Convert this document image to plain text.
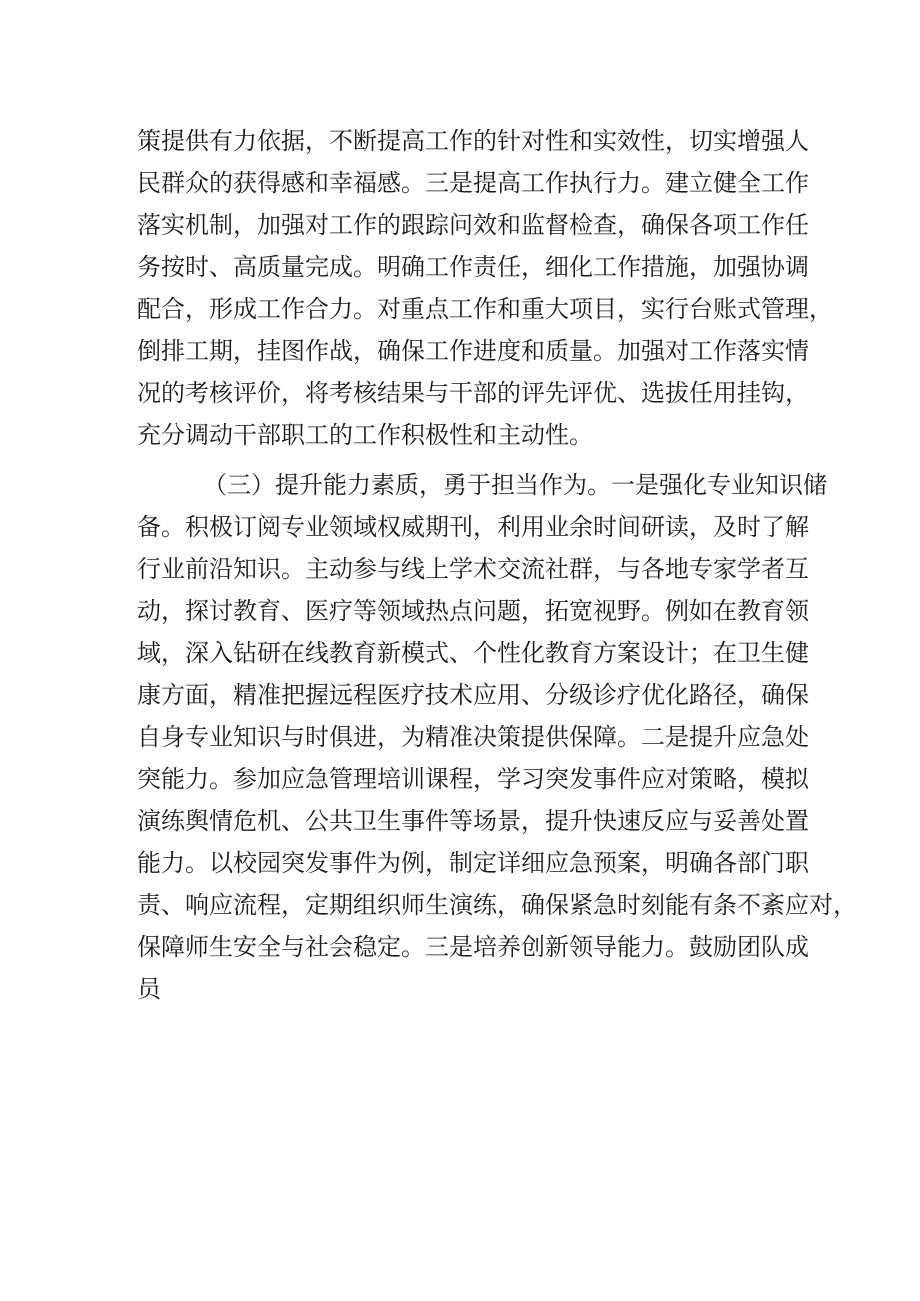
策提供有力依据，不断提高工作的针对性和实效性，切实增强人
民群众的获得感和幸福感。三是提高工作执行力。建立健全工作
落实机制，加强对工作的跟踪问效和监督检查，确保各项工作任
务按时、高质量完成。明确工作责任，细化工作措施，加强协调
配合，形成工作合力。对重点工作和重大项目，实行台账式管理，
倒排工期，挂图作战，确保工作进度和质量。加强对工作落实情
况的考核评价，将考核结果与干部的评先评优、选拔任用挂钩，
充分调动干部职工的工作积极性和主动性。
（三）提升能力素质，勇于担当作为。一是强化专业知识储
备。积极订阅专业领域权威期刊，利用业余时间研读，及时了解
行业前沿知识。主动参与线上学术交流社群，与各地专家学者互
动，探讨教育、医疗等领域热点问题，拓宽视野。例如在教育领
域，深入钻研在线教育新模式、个性化教育方案设计；在卫生健
康方面，精准把握远程医疗技术应用、分级诊疗优化路径，确保
自身专业知识与时俱进，为精准决策提供保障。二是提升应急处
突能力。参加应急管理培训课程，学习突发事件应对策略，模拟
演练舆情危机、公共卫生事件等场景，提升快速反应与妥善处置
能力。以校园突发事件为例，制定详细应急预案，明确各部门职
责、响应流程，定期组织师生演练，确保紧急时刻能有条不紊应对，
保障师生安全与社会稳定。三是培养创新领导能力。鼓励团队成
员
